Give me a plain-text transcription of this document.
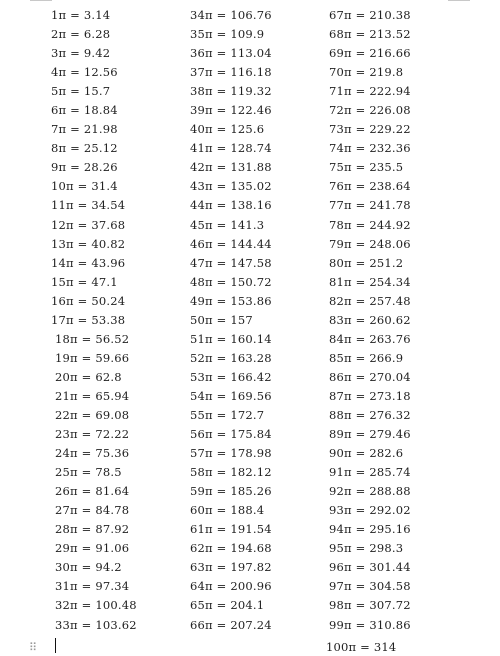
1π = 3.14
2π = 6.28
3π = 9.42
4π = 12.56
5π = 15.7
6π = 18.84
7π = 21.98
8π = 25.12
9π = 28.26
10π = 31.4
11π = 34.54
12π = 37.68
13π = 40.82
14π = 43.96
15π = 47.1
16π = 50.24
17π = 53.38
18π = 56.52
19π = 59.66
20π = 62.8
21π = 65.94
22π = 69.08
23π = 72.22
24π = 75.36
25π = 78.5
26π = 81.64
27π = 84.78
28π = 87.92
29π = 91.06
30π = 94.2
31π = 97.34
32π = 100.48
33π = 103.62
34π = 106.76
35π = 109.9
36π = 113.04
37π = 116.18
38π = 119.32
39π = 122.46
40π = 125.6
41π = 128.74
42π = 131.88
43π = 135.02
44π = 138.16
45π = 141.3
46π = 144.44
47π = 147.58
48π = 150.72
49π = 153.86
50π = 157
51π = 160.14
52π = 163.28
53π = 166.42
54π = 169.56
55π = 172.7
56π = 175.84
57π = 178.98
58π = 182.12
59π = 185.26
60π = 188.4
61π = 191.54
62π = 194.68
63π = 197.82
64π = 200.96
65π = 204.1
66π = 207.24
67π = 210.38
68π = 213.52
69π = 216.66
70π = 219.8
71π = 222.94
72π = 226.08
73π = 229.22
74π = 232.36
75π = 235.5
76π = 238.64
77π = 241.78
78π = 244.92
79π = 248.06
80π = 251.2
81π = 254.34
82π = 257.48
83π = 260.62
84π = 263.76
85π = 266.9
86π = 270.04
87π = 273.18
88π = 276.32
89π = 279.46
90π = 282.6
91π = 285.74
92π = 288.88
93π = 292.02
94π = 295.16
95π = 298.3
96π = 301.44
97π = 304.58
98π = 307.72
99π = 310.86
100π = 314
⠿
